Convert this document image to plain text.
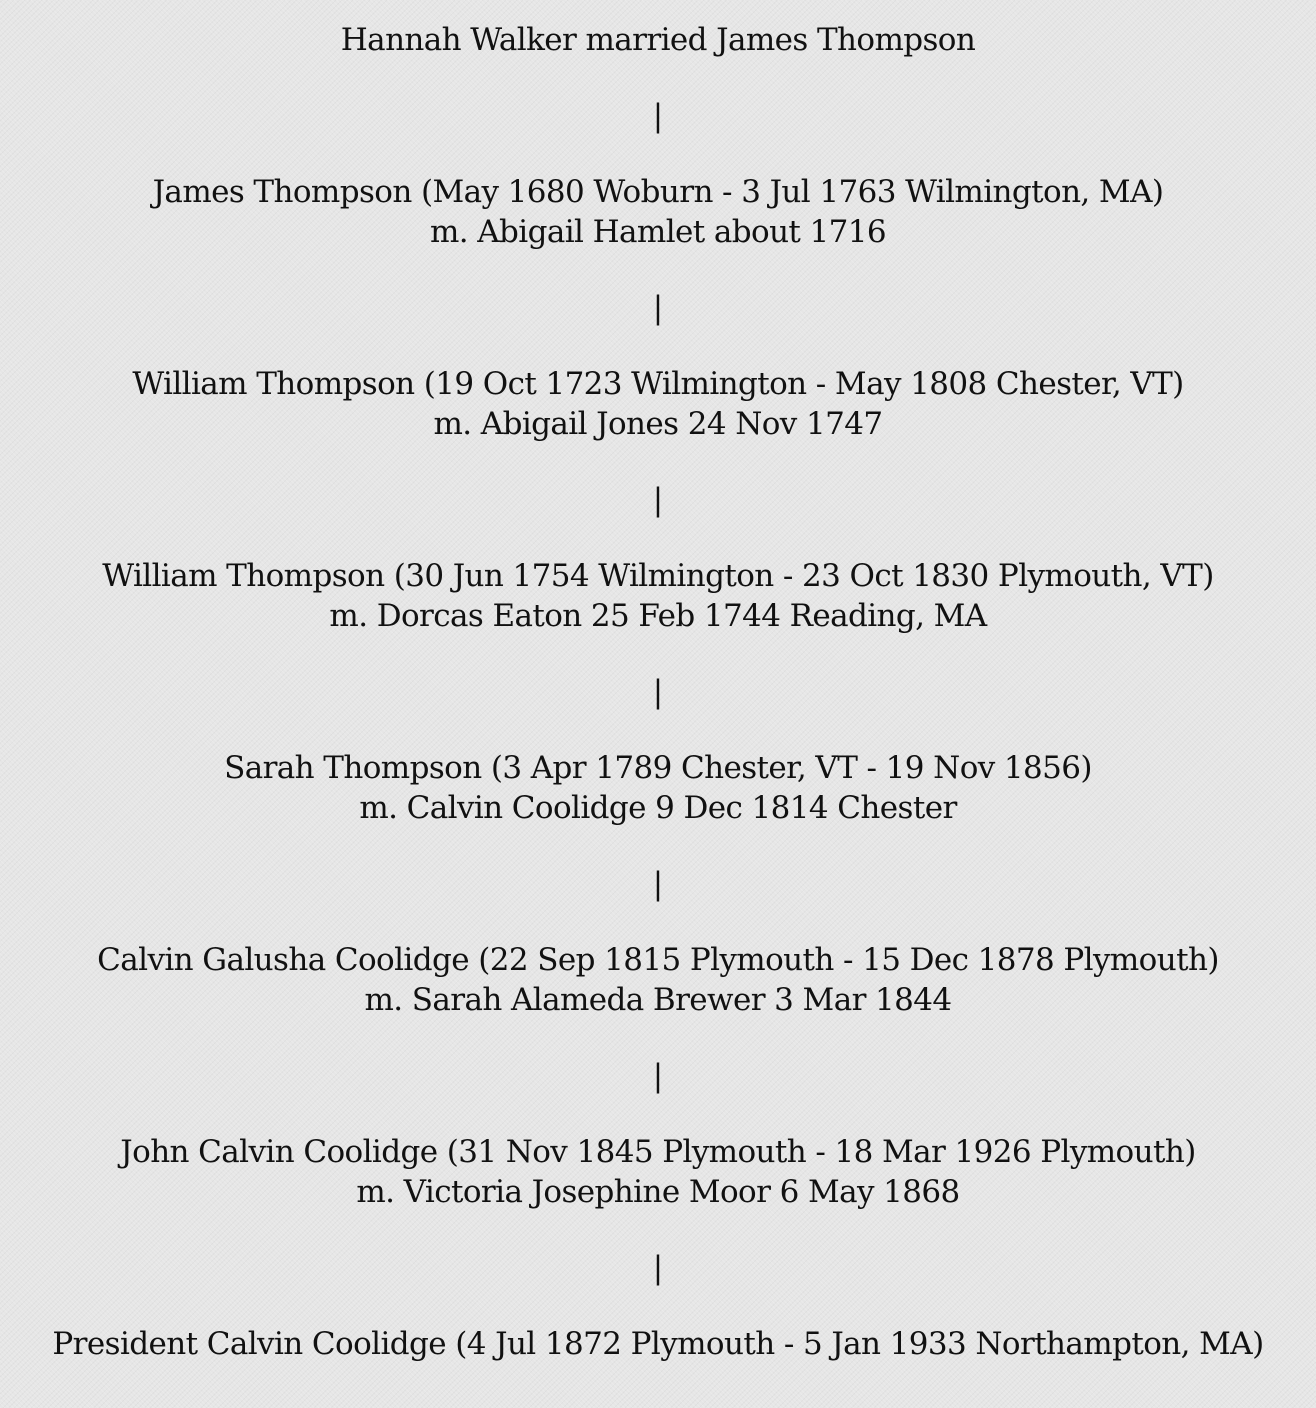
Hannah Walker married James Thompson
|
James Thompson (May 1680 Woburn - 3 Jul 1763 Wilmington, MA)
m. Abigail Hamlet about 1716
|
William Thompson (19 Oct 1723 Wilmington - May 1808 Chester, VT)
m. Abigail Jones 24 Nov 1747
|
William Thompson (30 Jun 1754 Wilmington - 23 Oct 1830 Plymouth, VT)
m. Dorcas Eaton 25 Feb 1744 Reading, MA
|
Sarah Thompson (3 Apr 1789 Chester, VT - 19 Nov 1856)
m. Calvin Coolidge 9 Dec 1814 Chester
|
Calvin Galusha Coolidge (22 Sep 1815 Plymouth - 15 Dec 1878 Plymouth)
m. Sarah Alameda Brewer 3 Mar 1844
|
John Calvin Coolidge (31 Nov 1845 Plymouth - 18 Mar 1926 Plymouth)
m. Victoria Josephine Moor 6 May 1868
|
President Calvin Coolidge (4 Jul 1872 Plymouth - 5 Jan 1933 Northampton, MA)
